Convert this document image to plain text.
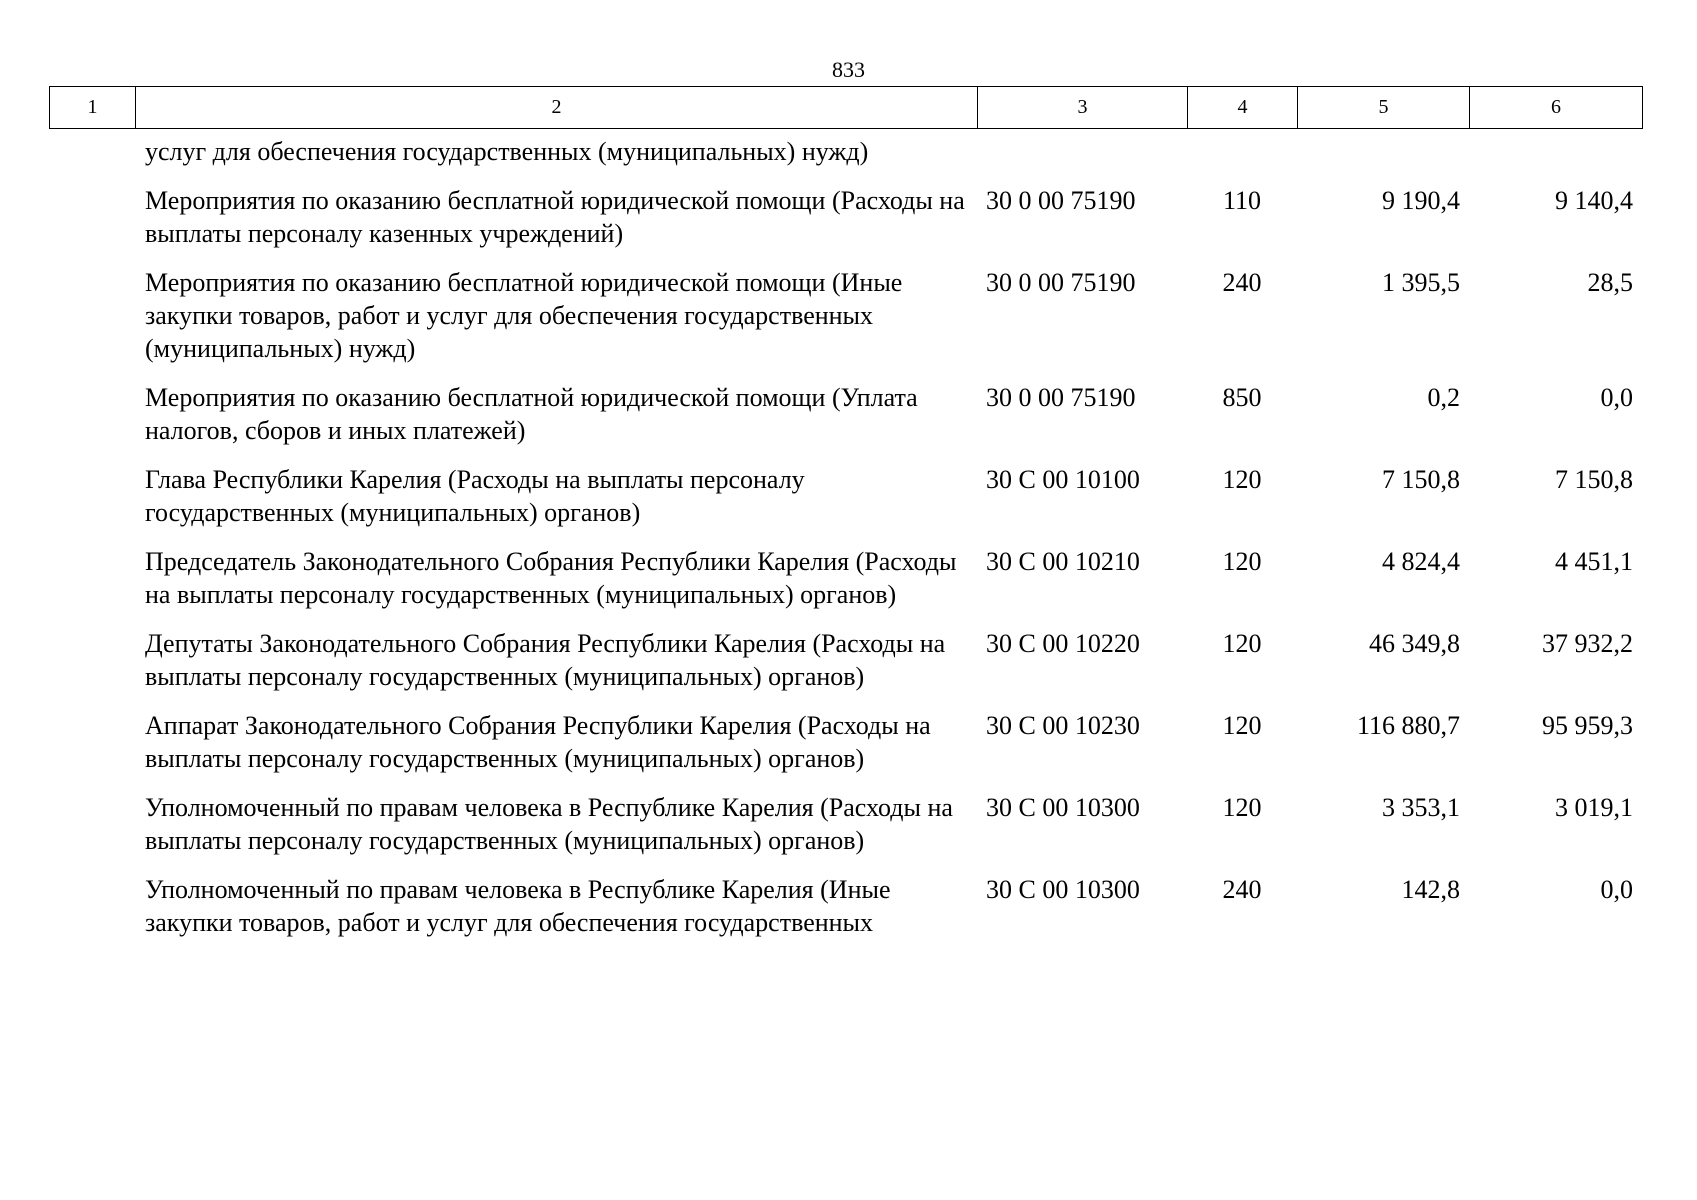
833
1	2	3	4	5	6
	услуг для обеспечения государственных (муниципальных) нужд)				
	Мероприятия по оказанию бесплатной юридической помощи (Расходы на выплаты персоналу казенных учреждений)	30 0 00 75190	110	9 190,4	9 140,4
	Мероприятия по оказанию бесплатной юридической помощи (Иные закупки товаров, работ и услуг для обеспечения государственных (муниципальных) нужд)	30 0 00 75190	240	1 395,5	28,5
	Мероприятия по оказанию бесплатной юридической помощи (Уплата налогов, сборов и иных платежей)	30 0 00 75190	850	0,2	0,0
	Глава Республики Карелия (Расходы на выплаты персоналу государственных (муниципальных) органов)	30 С 00 10100	120	7 150,8	7 150,8
	Председатель Законодательного Собрания Республики Карелия (Расходы на выплаты персоналу государственных (муниципальных) органов)	30 С 00 10210	120	4 824,4	4 451,1
	Депутаты Законодательного Собрания Республики Карелия (Расходы на выплаты персоналу государственных (муниципальных) органов)	30 С 00 10220	120	46 349,8	37 932,2
	Аппарат Законодательного Собрания Республики Карелия (Расходы на выплаты персоналу государственных (муниципальных) органов)	30 С 00 10230	120	116 880,7	95 959,3
	Уполномоченный по правам человека в Республике Карелия (Расходы на выплаты персоналу государственных (муниципальных) органов)	30 С 00 10300	120	3 353,1	3 019,1
	Уполномоченный по правам человека в Республике Карелия (Иные закупки товаров, работ и услуг для обеспечения государственных	30 С 00 10300	240	142,8	0,0
